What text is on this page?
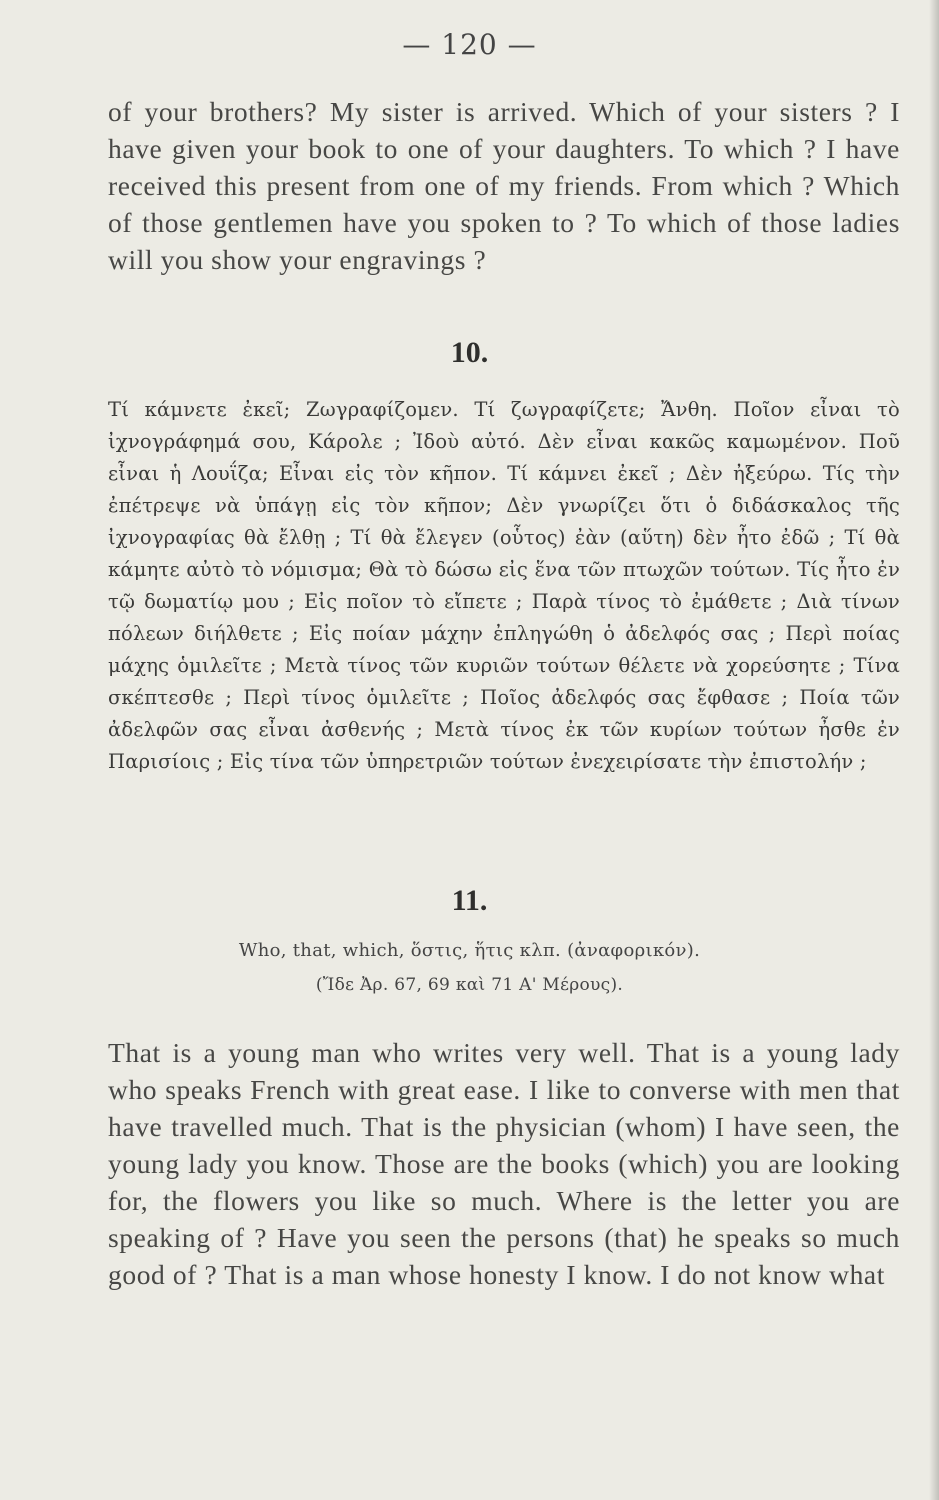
— 120 —
of your brothers? My sister is arrived. Which of your sisters ? I have given your book to one of your daughters. To which ? I have received this present from one of my friends. From which ? Which of those gentlemen have you spoken to ? To which of those ladies will you show your engravings ?
10.
Τί κάμνετε ἐκεῖ; Ζωγραφίζομεν. Τί ζωγραφίζετε; Ἄνθη. Ποῖον εἶναι τὸ ἰχνογράφημά σου, Κάρολε ; Ἰδοὺ αὐτό. Δὲν εἶναι κακῶς καμωμένον. Ποῦ εἶναι ἡ Λουΐζα; Εἶναι εἰς τὸν κῆπον. Τί κάμνει ἐκεῖ ; Δὲν ἠξεύρω. Τίς τὴν ἐπέτρεψε νὰ ὑπάγῃ εἰς τὸν κῆπον; Δὲν γνωρίζει ὅτι ὁ διδάσκαλος τῆς ἰχνογραφίας θὰ ἔλθῃ ; Τί θὰ ἔλεγεν (οὗτος) ἐὰν (αὕτη) δὲν ἦτο ἐδῶ ; Τί θὰ κάμητε αὐτὸ τὸ νόμισμα; Θὰ τὸ δώσω εἰς ἕνα τῶν πτωχῶν τούτων. Τίς ἦτο ἐν τῷ δωματίῳ μου ; Εἰς ποῖον τὸ εἴπετε ; Παρὰ τίνος τὸ ἐμάθετε ; Διὰ τίνων πόλεων διήλθετε ; Εἰς ποίαν μάχην ἐπληγώθη ὁ ἀδελφός σας ; Περὶ ποίας μάχης ὁμιλεῖτε ; Μετὰ τίνος τῶν κυριῶν τούτων θέλετε νὰ χορεύσητε ; Τίνα σκέπτεσθε ; Περὶ τίνος ὁμιλεῖτε ; Ποῖος ἀδελφός σας ἔφθασε ; Ποία τῶν ἀδελφῶν σας εἶναι ἀσθενής ; Μετὰ τίνος ἐκ τῶν κυρίων τούτων ἦσθε ἐν Παρισίοις ; Εἰς τίνα τῶν ὑπηρετριῶν τούτων ἐνεχειρίσατε τὴν ἐπιστολήν ;
11.
Who, that, which, ὅστις, ἥτις κλπ. (ἀναφορικόν).
(Ἴδε Ἀρ. 67, 69 καὶ 71 Α' Μέρους).
That is a young man who writes very well. That is a young lady who speaks French with great ease. I like to converse with men that have travelled much. That is the physician (whom) I have seen, the young lady you know. Those are the books (which) you are looking for, the flowers you like so much. Where is the letter you are speaking of ? Have you seen the persons (that) he speaks so much good of ? That is a man whose honesty I know. I do not know what
